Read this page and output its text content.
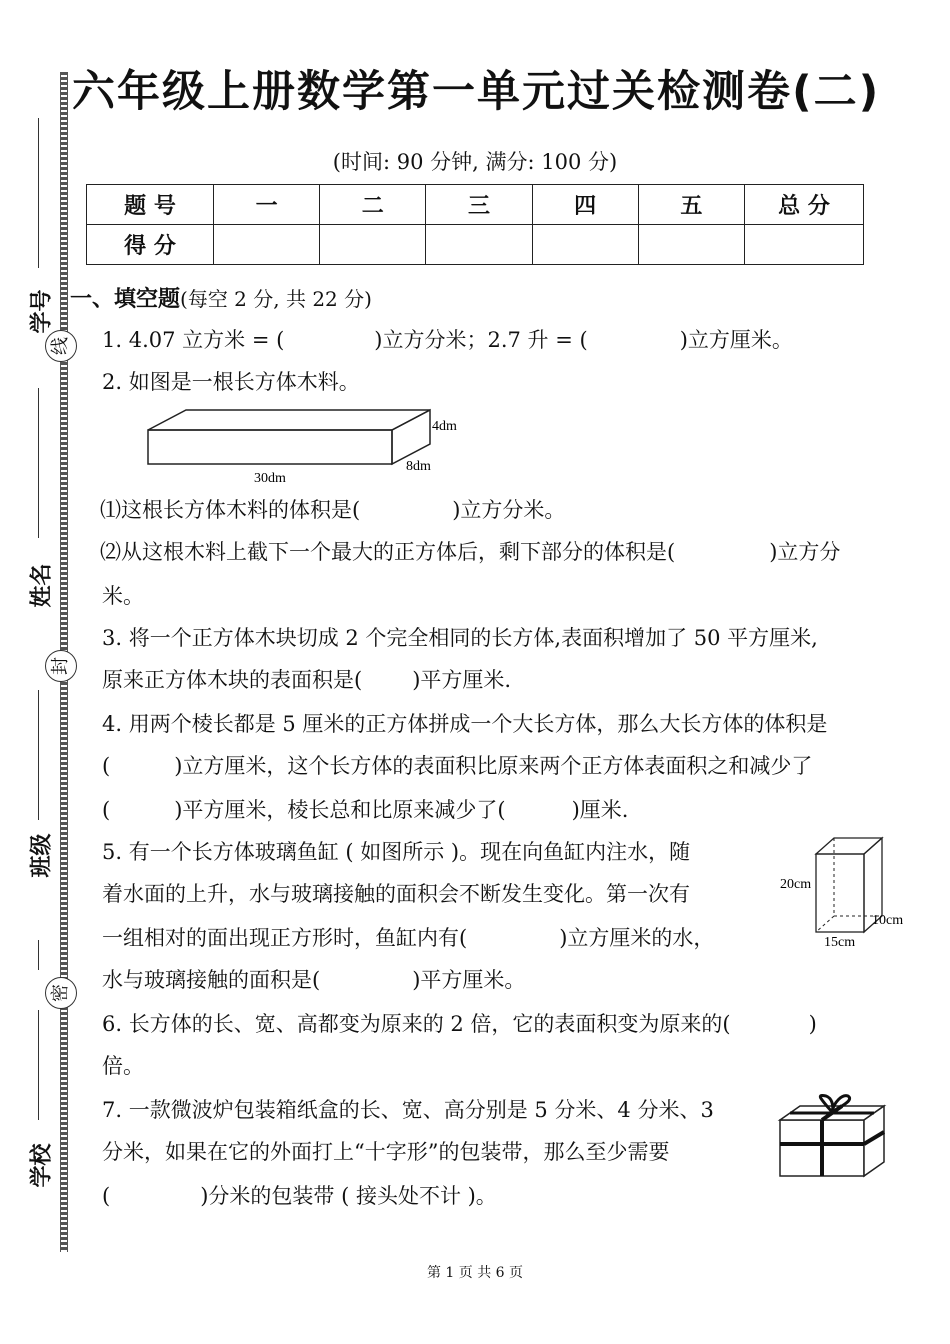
学号
线
姓名
封
班级
密
学校
六年级上册数学第一单元过关检测卷(二)
(时间: 90 分钟, 满分: 100 分)
题 号	一	二	三	四	五	总 分
得 分						
一、填空题(每空 2 分, 共 22 分)
1. 4.07 立方米 = (	)立方分米；2.7 升 = (	)立方厘米。
2. 如图是一根长方体木料。
4dm
8dm
30dm
⑴这根长方体木料的体积是(	)立方分米。
⑵从这根木料上截下一个最大的正方体后，剩下部分的体积是(	)立方分
米。
3. 将一个正方体木块切成 2 个完全相同的长方体,表面积增加了 50 平方厘米,
原来正方体木块的表面积是( )平方厘米.
4. 用两个棱长都是 5 厘米的正方体拼成一个大长方体，那么大长方体的体积是
(	)立方厘米，这个长方体的表面积比原来两个正方体表面积之和减少了
(	)平方厘米，棱长总和比原来减少了(	)厘米.
5. 有一个长方体玻璃鱼缸 ( 如图所示 )。现在向鱼缸内注水，随
着水面的上升，水与玻璃接触的面积会不断发生变化。第一次有
一组相对的面出现正方形时，鱼缸内有(	)立方厘米的水，
水与玻璃接触的面积是(	)平方厘米。
20cm
15cm
10cm
6. 长方体的长、宽、高都变为原来的 2 倍，它的表面积变为原来的(	)
倍。
7. 一款微波炉包装箱纸盒的长、宽、高分别是 5 分米、4 分米、3
分米，如果在它的外面打上“十字形”的包装带，那么至少需要
(	)分米的包装带 ( 接头处不计 )。
第 1 页 共 6 页
